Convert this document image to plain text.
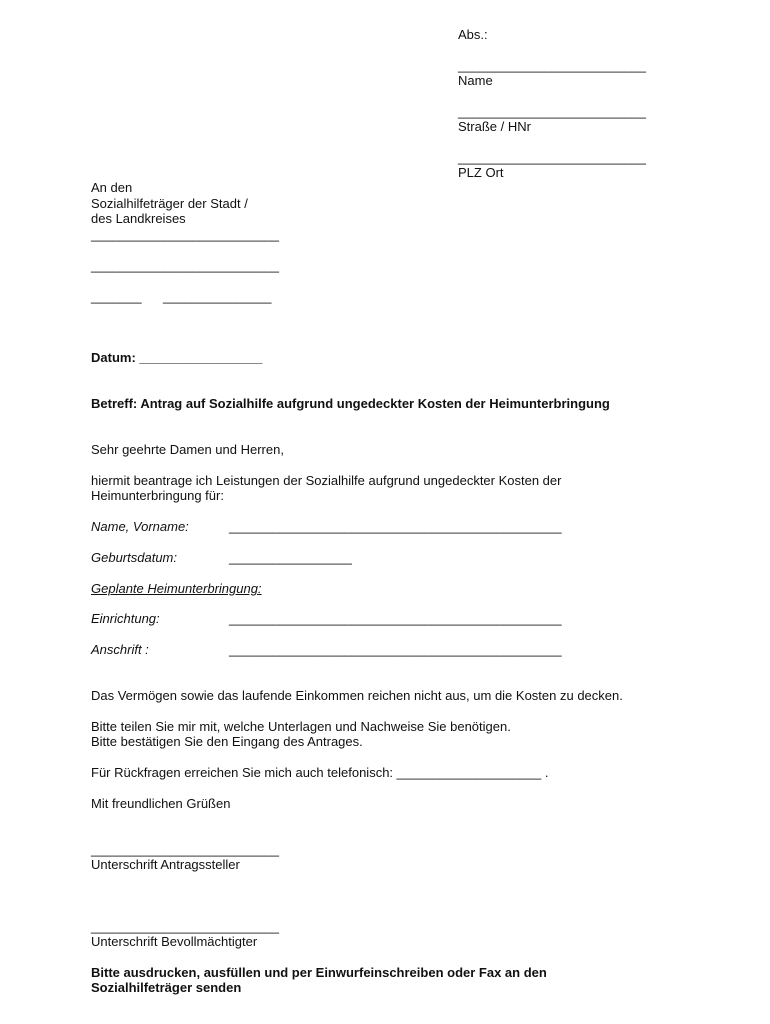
Abs.:
__________________________
Name
__________________________
Straße / HNr
__________________________
PLZ Ort
An den
Sozialhilfeträger der Stadt /
des Landkreises
__________________________
__________________________
_______ _______________
Datum: _________________
Betreff: Antrag auf Sozialhilfe aufgrund ungedeckter Kosten der Heimunterbringung
Sehr geehrte Damen und Herren,
hiermit beantrage ich Leistungen der Sozialhilfe aufgrund ungedeckter Kosten der
Heimunterbringung für:
Name, Vorname:	______________________________________________
Geburtsdatum:	_________________
Geplante Heimunterbringung:
Einrichtung:	______________________________________________
Anschrift :	______________________________________________
Das Vermögen sowie das laufende Einkommen reichen nicht aus, um die Kosten zu decken.
Bitte teilen Sie mir mit, welche Unterlagen und Nachweise Sie benötigen.
Bitte bestätigen Sie den Eingang des Antrages.
Für Rückfragen erreichen Sie mich auch telefonisch: ____________________ .
Mit freundlichen Grüßen
__________________________
Unterschrift Antragssteller
__________________________
Unterschrift Bevollmächtigter
Bitte ausdrucken, ausfüllen und per Einwurfeinschreiben oder Fax an den
Sozialhilfeträger senden
